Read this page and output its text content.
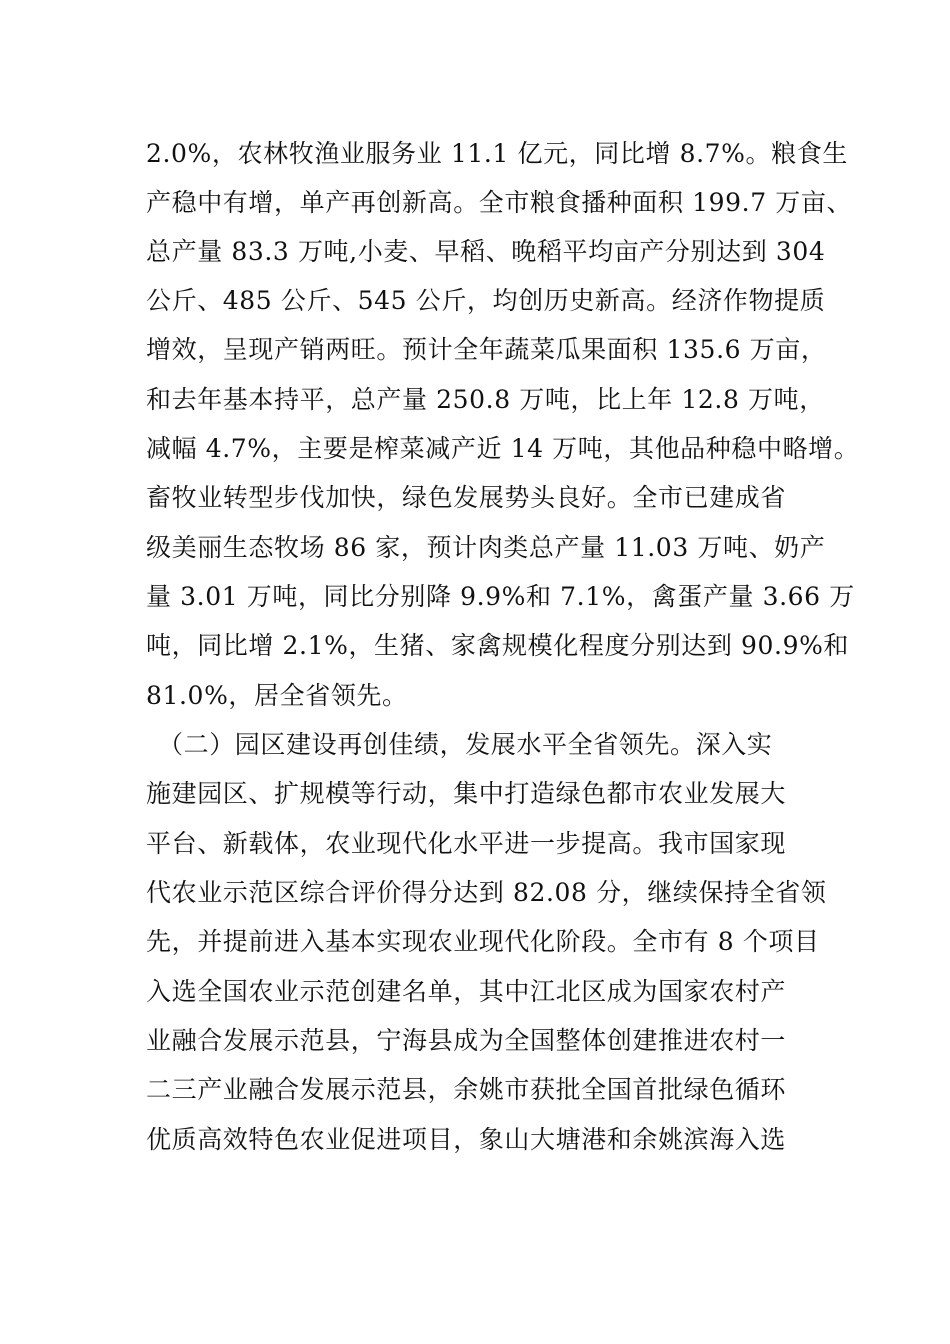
2.0%，农林牧渔业服务业 11.1 亿元，同比增 8.7%。粮食生
产稳中有增，单产再创新高。全市粮食播种面积 199.7 万亩、
总产量 83.3 万吨,小麦、早稻、晚稻平均亩产分别达到 304
公斤、485 公斤、545 公斤，均创历史新高。经济作物提质
增效，呈现产销两旺。预计全年蔬菜瓜果面积 135.6 万亩，
和去年基本持平，总产量 250.8 万吨，比上年 12.8 万吨，
减幅 4.7%，主要是榨菜减产近 14 万吨，其他品种稳中略增。
畜牧业转型步伐加快，绿色发展势头良好。全市已建成省
级美丽生态牧场 86 家，预计肉类总产量 11.03 万吨、奶产
量 3.01 万吨，同比分别降 9.9%和 7.1%，禽蛋产量 3.66 万
吨，同比增 2.1%，生猪、家禽规模化程度分别达到 90.9%和
81.0%，居全省领先。
（二）园区建设再创佳绩，发展水平全省领先。深入实
施建园区、扩规模等行动，集中打造绿色都市农业发展大
平台、新载体，农业现代化水平进一步提高。我市国家现
代农业示范区综合评价得分达到 82.08 分，继续保持全省领
先，并提前进入基本实现农业现代化阶段。全市有 8 个项目
入选全国农业示范创建名单，其中江北区成为国家农村产
业融合发展示范县，宁海县成为全国整体创建推进农村一
二三产业融合发展示范县，余姚市获批全国首批绿色循环
优质高效特色农业促进项目，象山大塘港和余姚滨海入选
